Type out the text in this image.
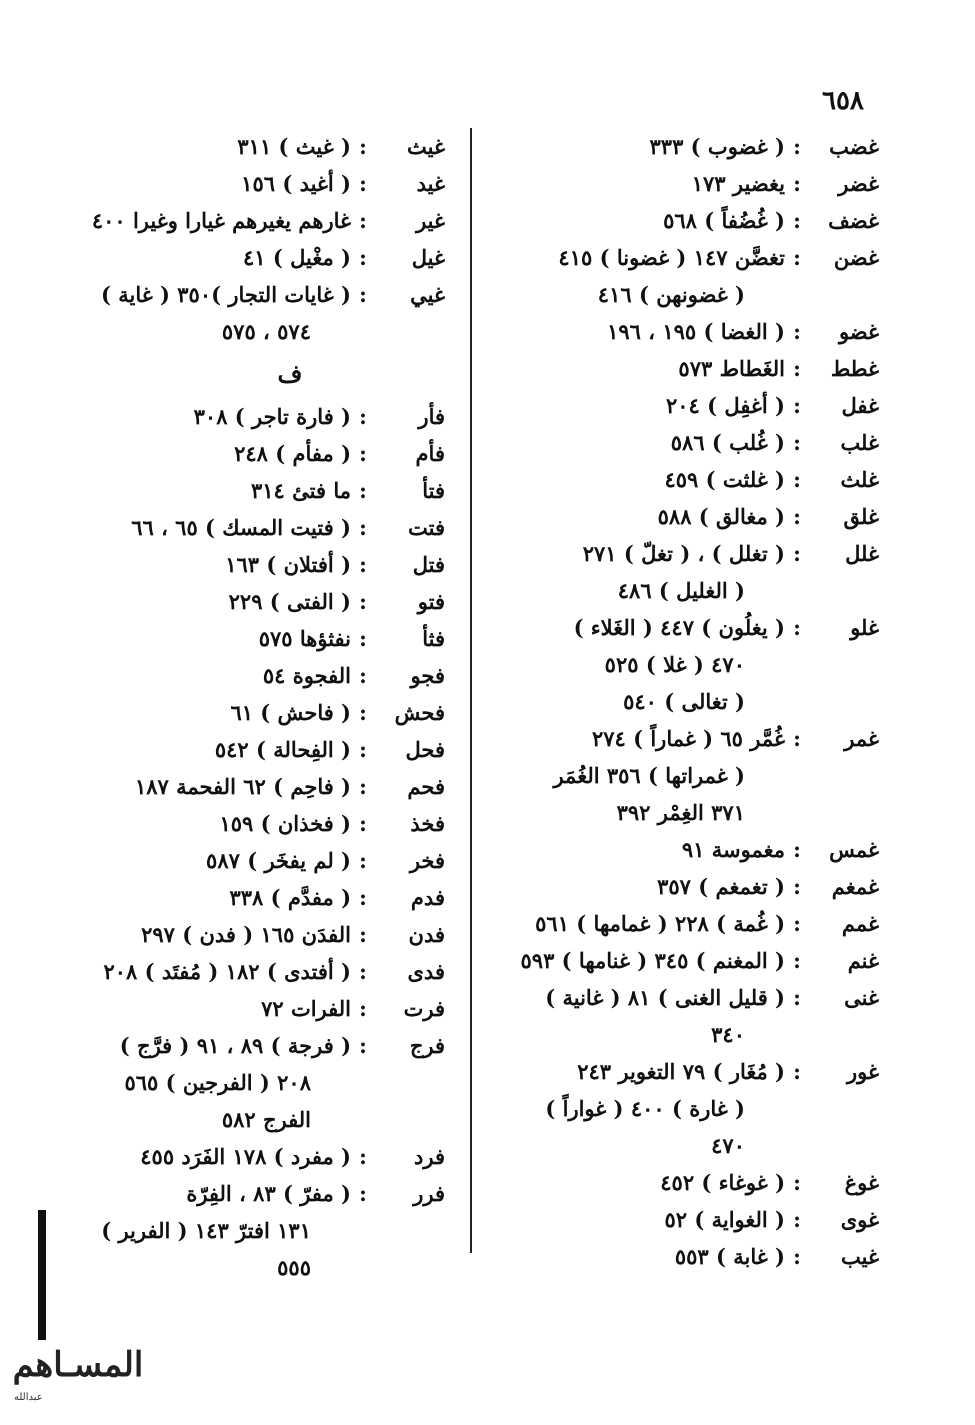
٦٥٨
غضب
:
( غضوب ) ٣٣٣
غضر
:
يغضير ١٧٣
غضف
:
( غُضُفاً ) ٥٦٨
غضن
:
تغضَّن ١٤٧ ( غضونا ) ٤١٥
( غضونهن ) ٤١٦
غضو
:
( الغضا ) ١٩٥ ، ١٩٦
غطط
:
الغَطاط ٥٧٣
غفل
:
( أغفِل ) ٢٠٤
غلب
:
( غُلب ) ٥٨٦
غلث
:
( غلثت ) ٤٥٩
غلق
:
( مغالق ) ٥٨٨
غلل
:
( تغلل ) ، ( تغلّ ) ٢٧١
( الغليل ) ٤٨٦
غلو
:
( يغلُون ) ٤٤٧ ( الغَلاء )
٤٧٠ ( غلا ) ٥٢٥
( تغالى ) ٥٤٠
غمر
:
غُمَّر ٦٥ ( غماراً ) ٢٧٤
( غمراتها ) ٣٥٦ الغُمَر
٣٧١ الغِمْر ٣٩٢
غمس
:
مغموسة ٩١
غمغم
:
( تغمغم ) ٣٥٧
غمم
:
( غُمة ) ٢٢٨ ( غمامها ) ٥٦١
غنم
:
( المغنم ) ٣٤٥ ( غنامها ) ٥٩٣
غنى
:
( قليل الغنى ) ٨١ ( غانية )
٣٤٠
غور
:
( مُغَار ) ٧٩ التغوير ٢٤٣
( غارة ) ٤٠٠ ( غواراً )
٤٧٠
غوغ
:
( غوغاء ) ٤٥٢
غوى
:
( الغواية ) ٥٢
غيب
:
( غابة ) ٥٥٣
غيث
:
( غيث ) ٣١١
غيد
:
( أغيد ) ١٥٦
غير
:
غارهم يغيرهم غيارا وغيرا ٤٠٠
غيل
:
( مغْيل ) ٤١
غيي
:
( غايات التجار )٣٥٠ ( غاية )
٥٧٤ ، ٥٧٥
ف
فأر
:
( فارة تاجر ) ٣٠٨
فأم
:
( مفأم ) ٢٤٨
فتأ
:
ما فتئ ٣١٤
فتت
:
( فتيت المسك ) ٦٥ ، ٦٦
فتل
:
( أفتلان ) ١٦٣
فتو
:
( الفتى ) ٢٢٩
فثأ
:
نفثؤها ٥٧٥
فجو
:
الفجوة ٥٤
فحش
:
( فاحش ) ٦١
فحل
:
( الفِحالة ) ٥٤٢
فحم
:
( فاحِم ) ٦٢ الفحمة ١٨٧
فخذ
:
( فخذان ) ١٥٩
فخر
:
( لم يفخَر ) ٥٨٧
فدم
:
( مفدَّم ) ٣٣٨
فدن
:
الفدَن ١٦٥ ( فدن ) ٢٩٧
فدى
:
( أفتدى ) ١٨٢ ( مُفتَد ) ٢٠٨
فرت
:
الفرات ٧٢
فرج
:
( فرجة ) ٨٩ ، ٩١ ( فرَّج )
٢٠٨ ( الفرجين ) ٥٦٥
الفرج ٥٨٢
فرد
:
( مفرد ) ١٧٨ الفَرَد ٤٥٥
فرر
:
( مفرّ ) ٨٣ ، الفِرّة
١٣١ افترّ ١٤٣ ( الفرير )
٥٥٥
المسـاهم
عبدالله
